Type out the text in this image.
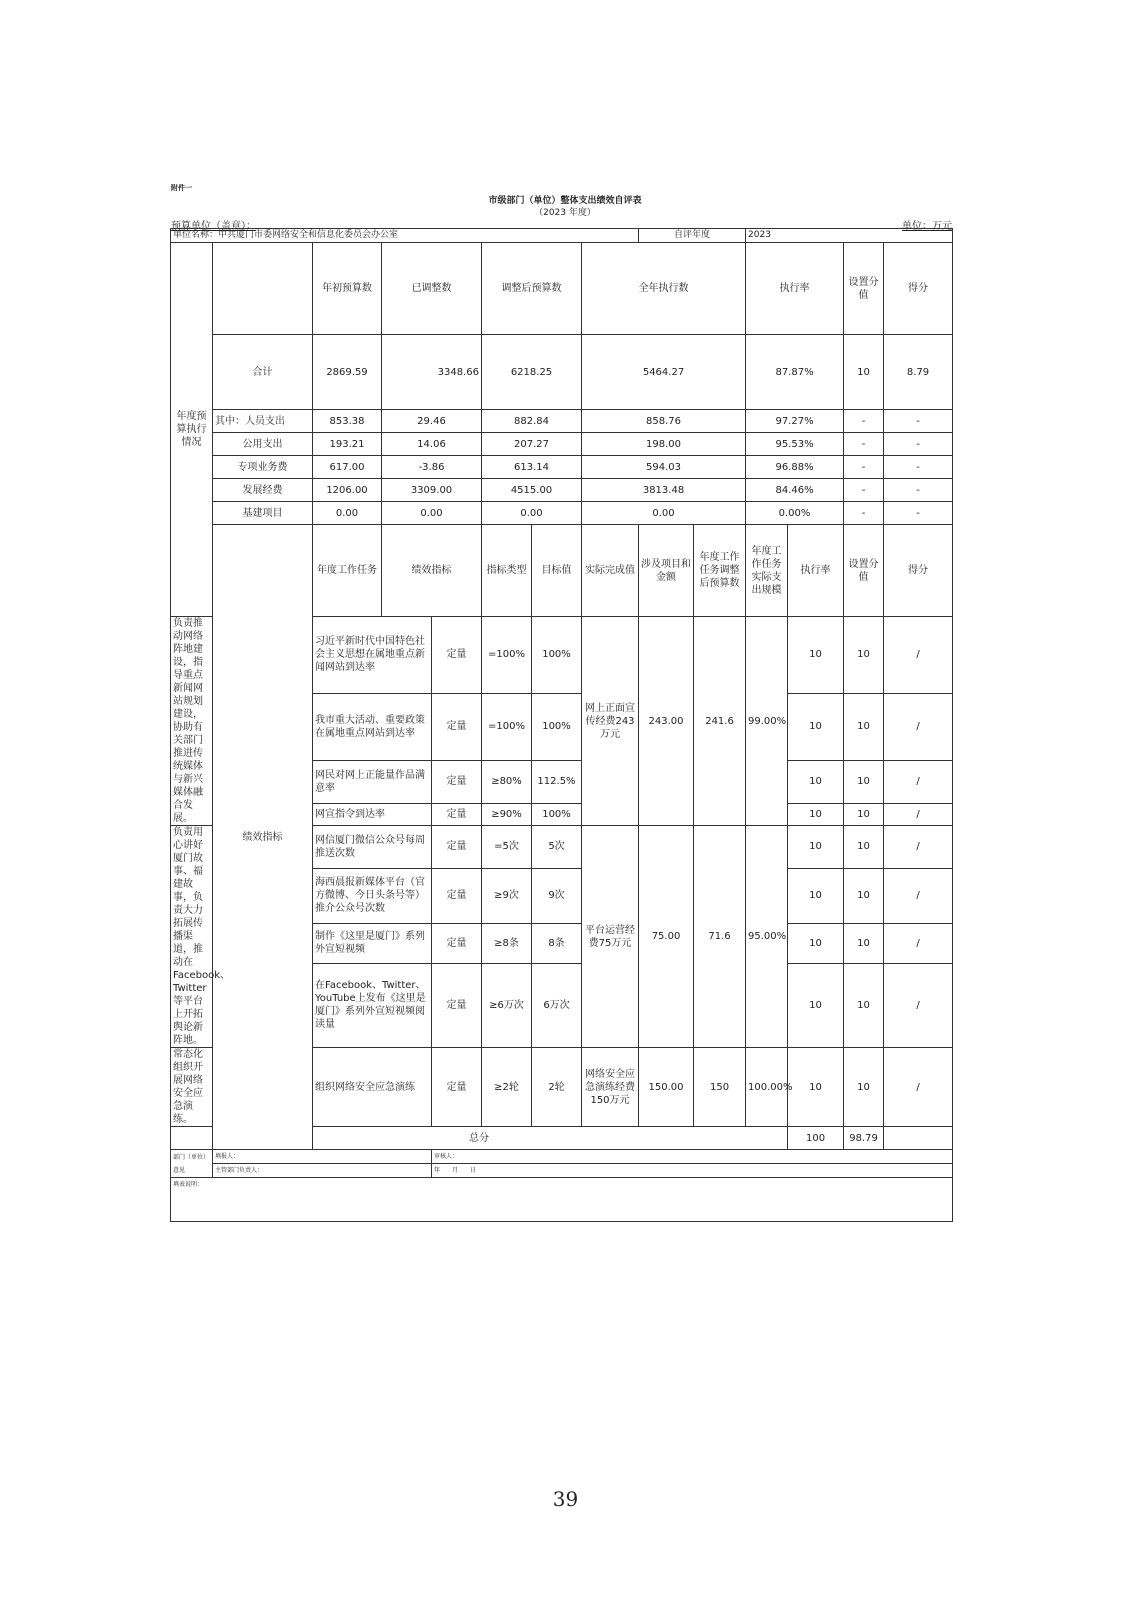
附件一
市级部门（单位）整体支出绩效自评表
（2023 年度）
预算单位（盖章）：	单位：万元
单位名称：中共厦门市委网络安全和信息化委员会办公室								自评年度		2023				
年度预算执行情况		年初预算数	已调整数		调整后预算数		全年执行数			执行率		设置分值	得分	
	合计	2869.59	3348.66		6218.25		5464.27			87.87%		10	8.79	
	其中：人员支出	853.38	29.46		882.84		858.76			97.27%		-	-	
	公用支出	193.21	14.06		207.27		198.00			95.53%		-	-	
	专项业务费	617.00	-3.86		613.14		594.03			96.88%		-	-	
	发展经费	1206.00	3309.00		4515.00		3813.48			84.46%		-	-	
	基建项目	0.00	0.00		0.00		0.00			0.00%		-	-	
	绩效指标	年度工作任务	绩效指标		指标类型	目标值	实际完成值	涉及项目和金额	年度工作任务调整后预算数	年度工作任务实际支出规模	执行率	设置分值	得分	
负责推动网络阵地建设，指导重点新闻网站规划建设，协助有关部门推进传统媒体与新兴媒体融合发展。		习近平新时代中国特色社会主义思想在属地重点新闻网站到达率		定量	=100%	100%	网上正面宣传经费243万元	243.00	241.6	99.00%	10	10	/	
		我市重大活动、重要政策在属地重点网站到达率		定量	=100%	100%					10	10	/	
		网民对网上正能量作品满意率		定量	≥80%	112.5%					10	10	/	
		网宣指令到达率		定量	≥90%	100%					10	10	/	
负责用心讲好厦门故事、福建故事，负责大力拓展传播渠道，推动在Facebook、Twitter等平台上开拓舆论新阵地。		网信厦门微信公众号每周推送次数		定量	=5次	5次	平台运营经费75万元	75.00	71.6	95.00%	10	10	/	
		海西晨报新媒体平台（官方微博、今日头条号等）推介公众号次数		定量	≥9次	9次					10	10	/	
		制作《这里是厦门》系列外宣短视频		定量	≥8条	8条					10	10	/	
		在Facebook、Twitter、YouTube上发布《这里是厦门》系列外宣短视频阅读量		定量	≥6万次	6万次					10	10	/	
常态化组织开展网络安全应急演练。		组织网络安全应急演练		定量	≥2轮	2轮	网络安全应急演练经费150万元	150.00	150	100.00%	10	10	/	
总分											100	98.79		
部门（单位）意见	填报人：			审核人：										
	主管部门负责人：			年　　月　　日										
填表说明：														
39
